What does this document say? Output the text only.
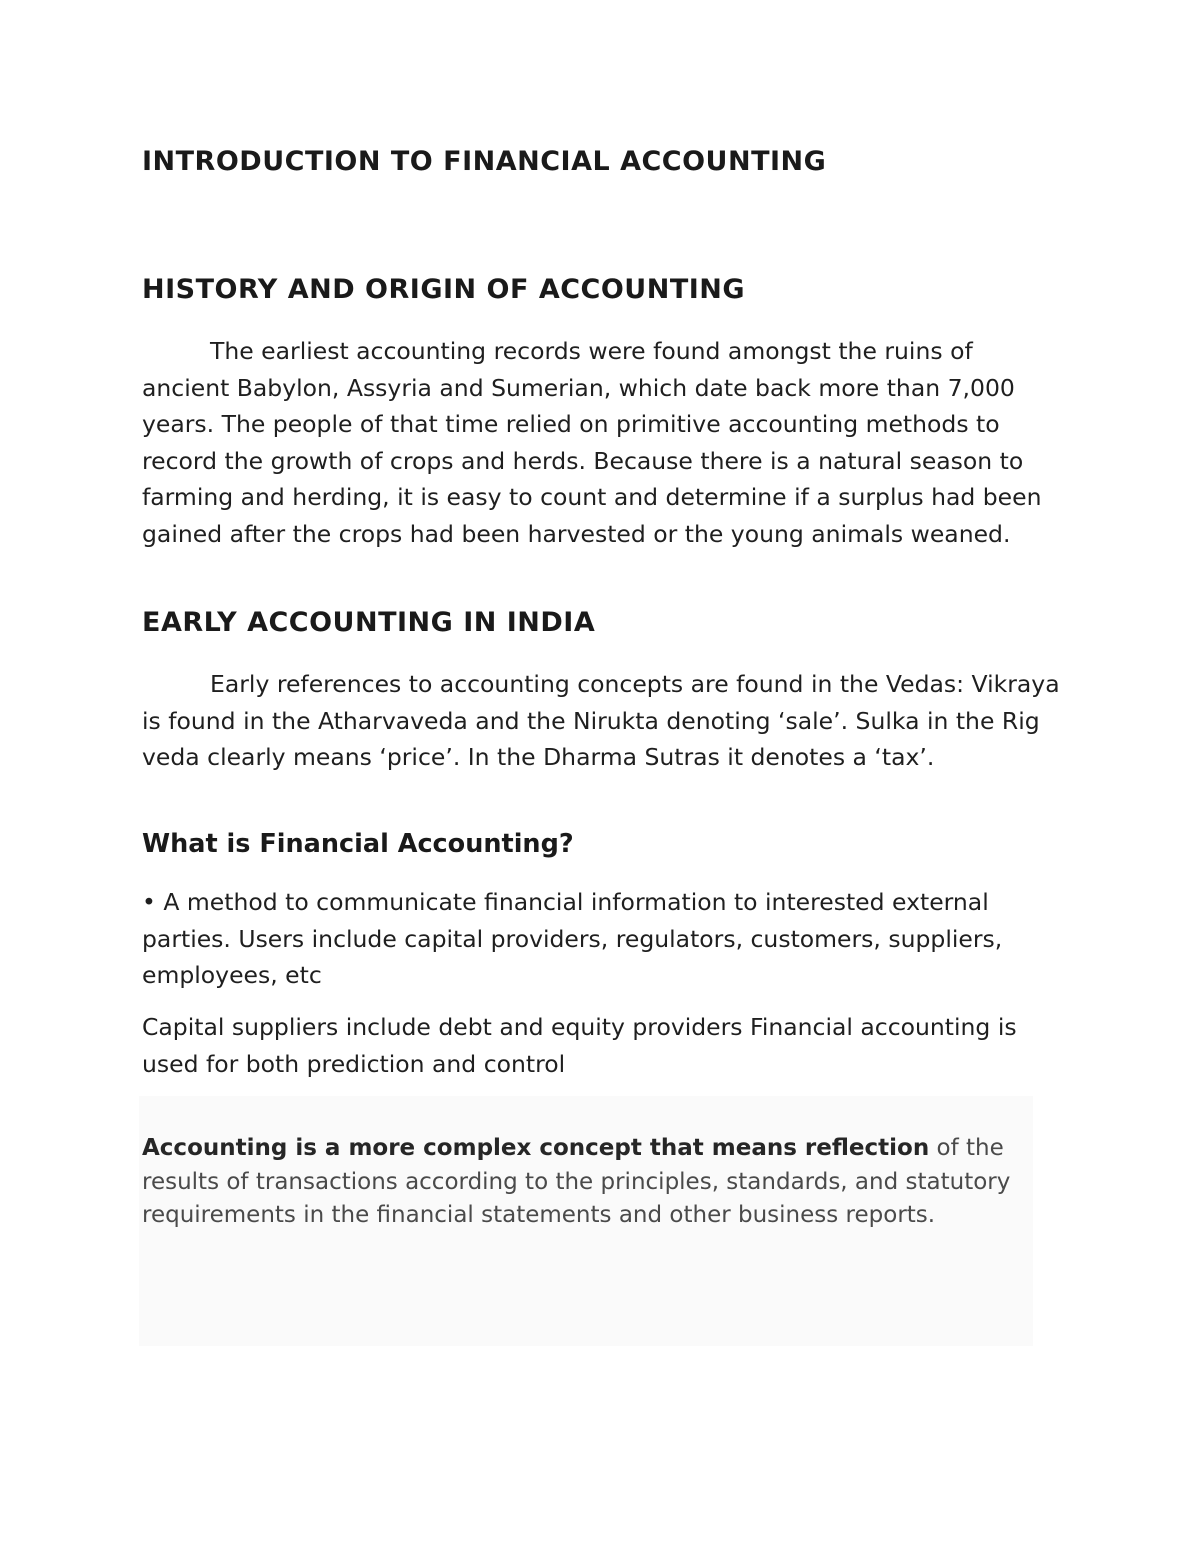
INTRODUCTION TO FINANCIAL ACCOUNTING
HISTORY AND ORIGIN OF ACCOUNTING

The earliest accounting records were found amongst the ruins of ancient Babylon, Assyria and Sumerian, which date back more than 7,000 years. The people of that time relied on primitive accounting methods to record the growth of crops and herds. Because there is a natural season to farming and herding, it is easy to count and determine if a surplus had been gained after the crops had been harvested or the young animals weaned.

EARLY ACCOUNTING IN INDIA

Early references to accounting concepts are found in the Vedas: Vikraya is found in the Atharvaveda and the Nirukta denoting ‘sale’. Sulka in the Rig veda clearly means ‘price’. In the Dharma Sutras it denotes a ‘tax’.

What is Financial Accounting?

• A method to communicate financial information to interested external parties. Users include capital providers, regulators, customers, suppliers, employees, etc

Capital suppliers include debt and equity providers Financial accounting is used for both prediction and control

Accounting is a more complex concept that means reflection of the results of transactions according to the principles, standards, and statutory requirements in the financial statements and other business reports.
